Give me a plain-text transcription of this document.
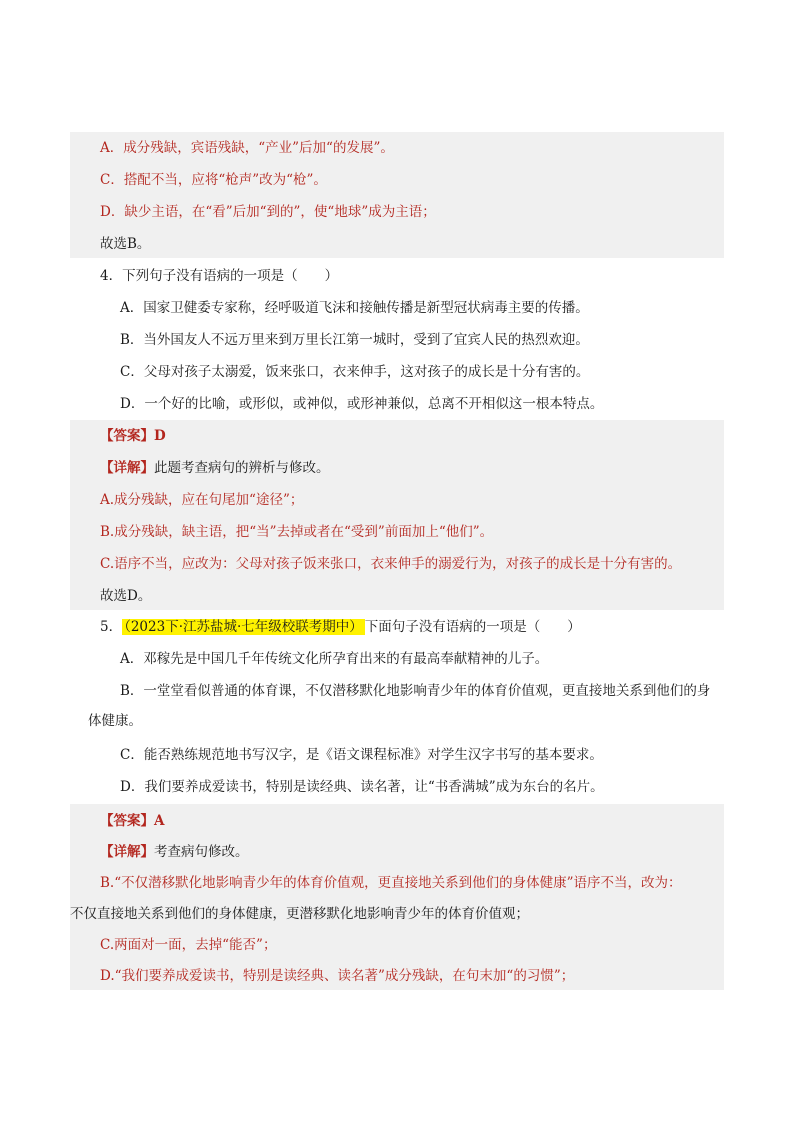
A．成分残缺，宾语残缺，“产业”后加“的发展”。
C．搭配不当，应将“枪声”改为“枪”。
D．缺少主语，在“看”后加“到的”，使“地球”成为主语；
故选B。
4．下列句子没有语病的一项是（　　）
A．国家卫健委专家称，经呼吸道飞沫和接触传播是新型冠状病毒主要的传播。
B．当外国友人不远万里来到万里长江第一城时，受到了宜宾人民的热烈欢迎。
C．父母对孩子太溺爱，饭来张口，衣来伸手，这对孩子的成长是十分有害的。
D．一个好的比喻，或形似，或神似，或形神兼似，总离不开相似这一根本特点。
【答案】D
【详解】此题考查病句的辨析与修改。
A.成分残缺，应在句尾加“途径”；
B.成分残缺，缺主语，把“当”去掉或者在“受到”前面加上“他们”。
C.语序不当，应改为：父母对孩子饭来张口，衣来伸手的溺爱行为，对孩子的成长是十分有害的。
故选D。
5． （2023下·江苏盐城·七年级校联考期中） 下面句子没有语病的一项是（　　）
A．邓稼先是中国几千年传统文化所孕育出来的有最高奉献精神的儿子。
B．一堂堂看似普通的体育课，不仅潜移默化地影响青少年的体育价值观，更直接地关系到他们的身
体健康。
C．能否熟练规范地书写汉字，是《语文课程标准》对学生汉字书写的基本要求。
D．我们要养成爱读书，特别是读经典、读名著，让“书香满城”成为东台的名片。
【答案】A
【详解】考查病句修改。
B.“不仅潜移默化地影响青少年的体育价值观，更直接地关系到他们的身体健康”语序不当，改为：
不仅直接地关系到他们的身体健康，更潜移默化地影响青少年的体育价值观；
C.两面对一面，去掉“能否”；
D.“我们要养成爱读书，特别是读经典、读名著”成分残缺，在句末加“的习惯”；
